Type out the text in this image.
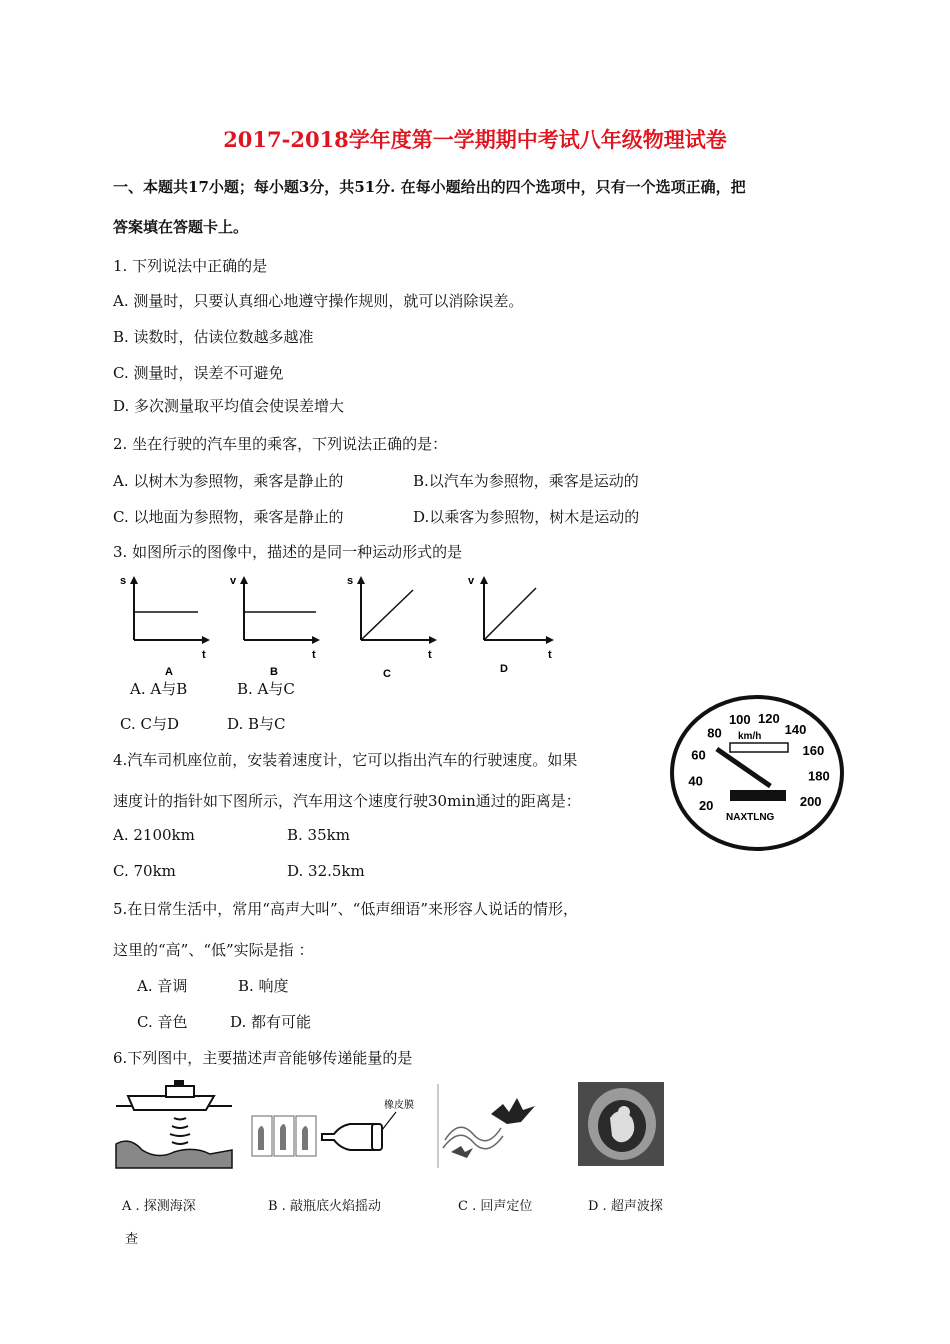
2017-2018学年度第一学期期中考试八年级物理试卷
一、本题共17小题；每小题3分，共51分. 在每小题给出的四个选项中，只有一个选项正确，把
答案填在答题卡上。
1. 下列说法中正确的是
A. 测量时，只要认真细心地遵守操作规则，就可以消除误差。
B. 读数时，估读位数越多越准
C. 测量时，误差不可避免
D. 多次测量取平均值会使误差增大
2. 坐在行驶的汽车里的乘客，下列说法正确的是：
A. 以树木为参照物，乘客是静止的	B.以汽车为参照物，乘客是运动的
C. 以地面为参照物，乘客是静止的	D.以乘客为参照物，树木是运动的
3. 如图所示的图像中，描述的是同一种运动形式的是
s
t
A
v
t
B
s
t
C
v
t
D
A. A与B	B. A与C
C. C与D	D. B与C
20
40
60
80
100 120
140
160
180
200
km/h
NAXTLNG
4.汽车司机座位前，安装着速度计，它可以指出汽车的行驶速度。如果
速度计的指针如下图所示，汽车用这个速度行驶30min通过的距离是：
A. 2100km	B. 35km
C. 70km	D. 32.5km
5.在日常生活中，常用“高声大叫”、“低声细语”来形容人说话的情形，
这里的“高”、“低”实际是指 ：
A. 音调	B. 响度
C. 音色	D. 都有可能
6.下列图中，主要描述声音能够传递能量的是
橡皮膜
A . 探测海深	B . 敲瓶底火焰摇动	C . 回声定位	D . 超声波探
查
